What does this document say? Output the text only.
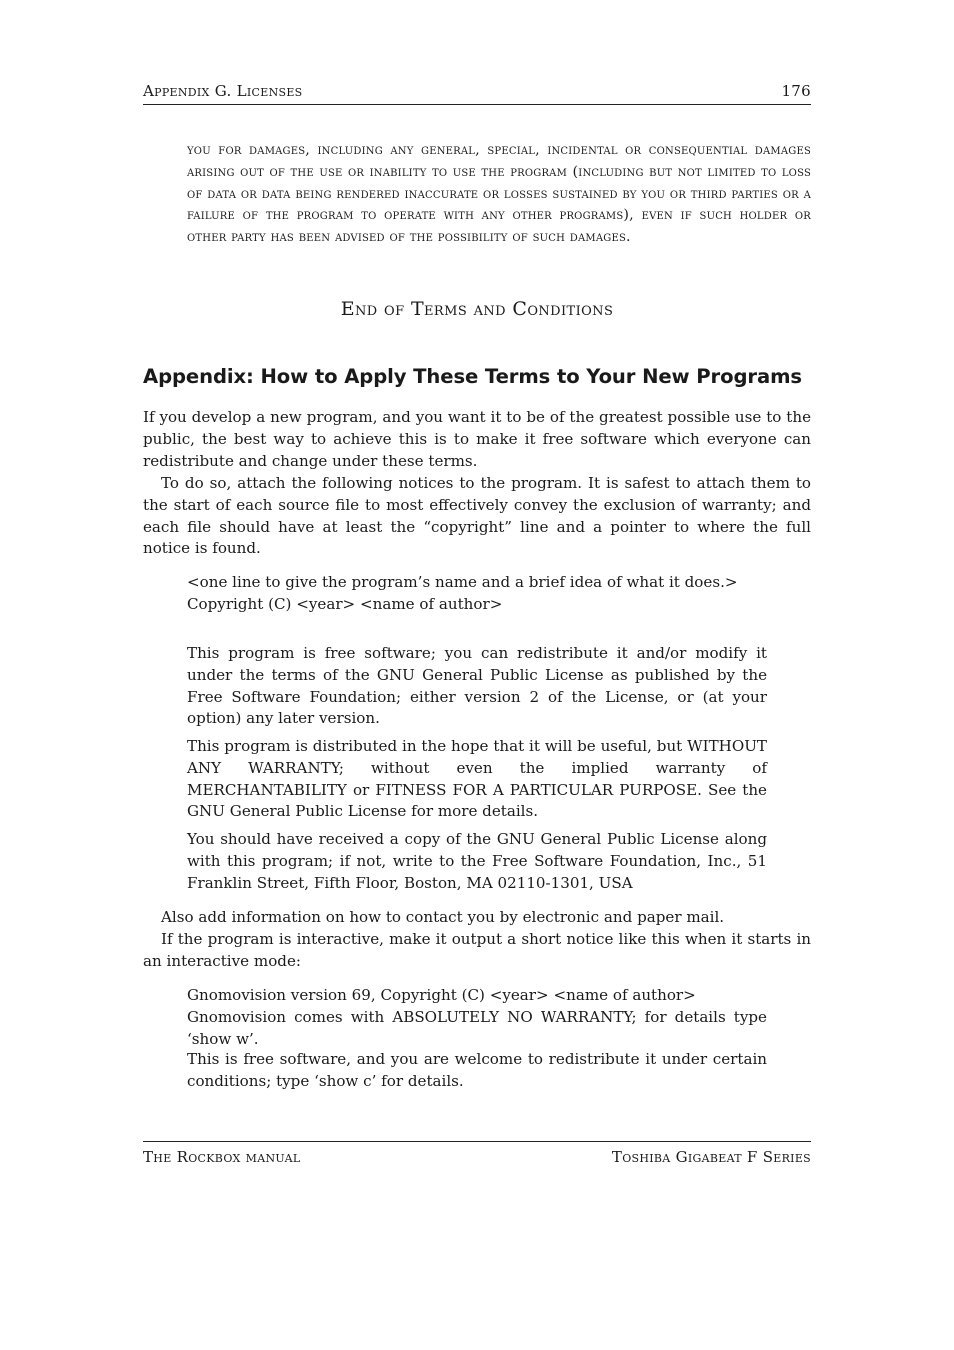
Appendix G. Licenses	176
you for damages, including any general, special, incidental or consequential damages arising out of the use or inability to use the program (including but not limited to loss of data or data being rendered inaccurate or losses sustained by you or third parties or a failure of the program to operate with any other programs), even if such holder or other party has been advised of the possibility of such damages.
End of Terms and Conditions
Appendix: How to Apply These Terms to Your New Programs
If you develop a new program, and you want it to be of the greatest possible use to the public, the best way to achieve this is to make it free software which everyone can redistribute and change under these terms.
To do so, attach the following notices to the program. It is safest to attach them to the start of each source file to most effectively convey the exclusion of warranty; and each file should have at least the “copyright” line and a pointer to where the full notice is found.
<one line to give the program’s name and a brief idea of what it does.>
Copyright (C) <year> <name of author>
This program is free software; you can redistribute it and/or modify it under the terms of the GNU General Public License as published by the Free Software Foundation; either version 2 of the License, or (at your option) any later version.
This program is distributed in the hope that it will be useful, but WITHOUT ANY WARRANTY; without even the implied warranty of MERCHANTABILITY or FITNESS FOR A PARTICULAR PURPOSE. See the GNU General Public License for more details.
You should have received a copy of the GNU General Public License along with this program; if not, write to the Free Software Foundation, Inc., 51 Franklin Street, Fifth Floor, Boston, MA 02110-1301, USA
Also add information on how to contact you by electronic and paper mail.
If the program is interactive, make it output a short notice like this when it starts in an interactive mode:
Gnomovision version 69, Copyright (C) <year> <name of author>
Gnomovision comes with ABSOLUTELY NO WARRANTY; for details type ‘show w’.
This is free software, and you are welcome to redistribute it under certain conditions; type ‘show c’ for details.
The Rockbox manual	Toshiba Gigabeat F Series
